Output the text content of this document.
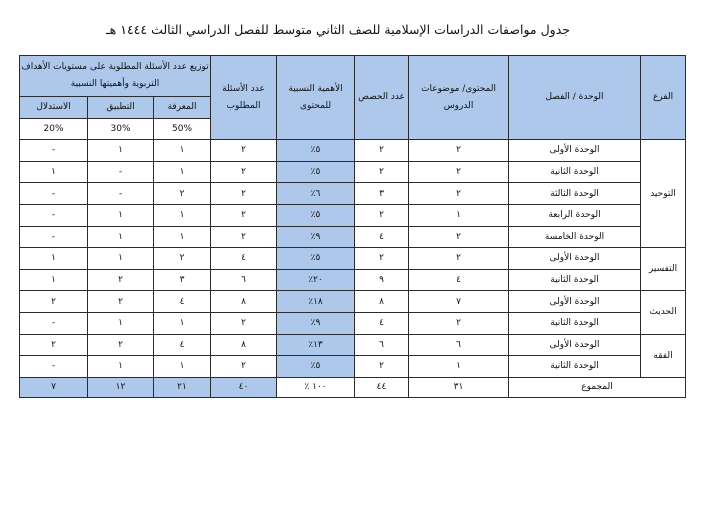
جدول مواصفات الدراسات الإسلامية للصف الثاني متوسط للفصل الدراسي الثالث ١٤٤٤ هـ
الفرع	الوحدة / الفصل	المحتوى/ موضوعات الدروس	عدد الحصص	الأهمية النسبية للمحتوى	عدد الأسئلة المطلوب	توزيع عدد الأسئلة المطلوبة على مستويات الأهداف التربوية وأهميتها النسبية		
						المعرفة	التطبيق	الاستدلال
						50%	30%	20%
التوحيد	الوحدة الأولى	٢	٢	٥٪	٢	١	١	-
	الوحدة الثانية	٢	٢	٥٪	٢	١	-	١
	الوحدة الثالثة	٢	٣	٦٪	٢	٢	-	-
	الوحدة الرابعة	١	٢	٥٪	٢	١	١	-
	الوحدة الخامسة	٢	٤	٩٪	٢	١	١	-
التفسير	الوحدة الأولى	٢	٢	٥٪	٤	٢	١	١
	الوحدة الثانية	٤	٩	٢٠٪	٦	٣	٢	١
الحديث	الوحدة الأولى	٧	٨	١٨٪	٨	٤	٢	٢
	الوحدة الثانية	٢	٤	٩٪	٢	١	١	-
الفقه	الوحدة الأولى	٦	٦	١٣٪	٨	٤	٢	٢
	الوحدة الثانية	١	٢	٥٪	٢	١	١	-
المجموع		٣١	٤٤	١٠٠ ٪	٤٠	٢١	١٢	٧
